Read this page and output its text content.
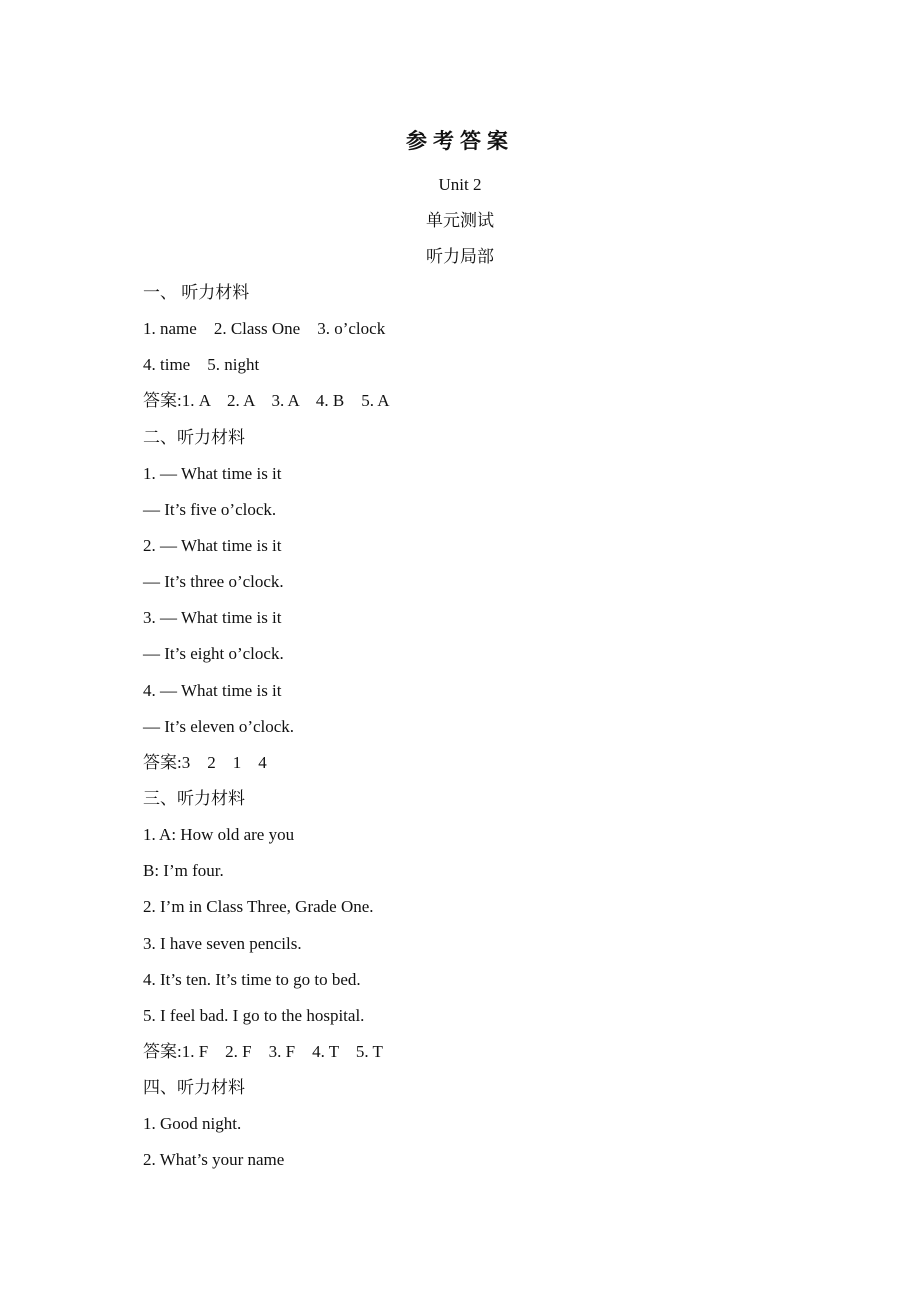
参考答案
Unit 2
单元测试
听力局部
一、 听力材料
1. name    2. Class One    3. o’clock
4. time    5. night
答案:1. A    2. A    3. A    4. B    5. A
二、听力材料
1. — What time is it
— It’s five o’clock.
2. — What time is it
— It’s three o’clock.
3. — What time is it
— It’s eight o’clock.
4. — What time is it
— It’s eleven o’clock.
答案:3    2    1    4
三、听力材料
1. A: How old are you
B: I’m four.
2. I’m in Class Three, Grade One.
3. I have seven pencils.
4. It’s ten. It’s time to go to bed.
5. I feel bad. I go to the hospital.
答案:1. F    2. F    3. F    4. T    5. T
四、听力材料
1. Good night.
2. What’s your name
